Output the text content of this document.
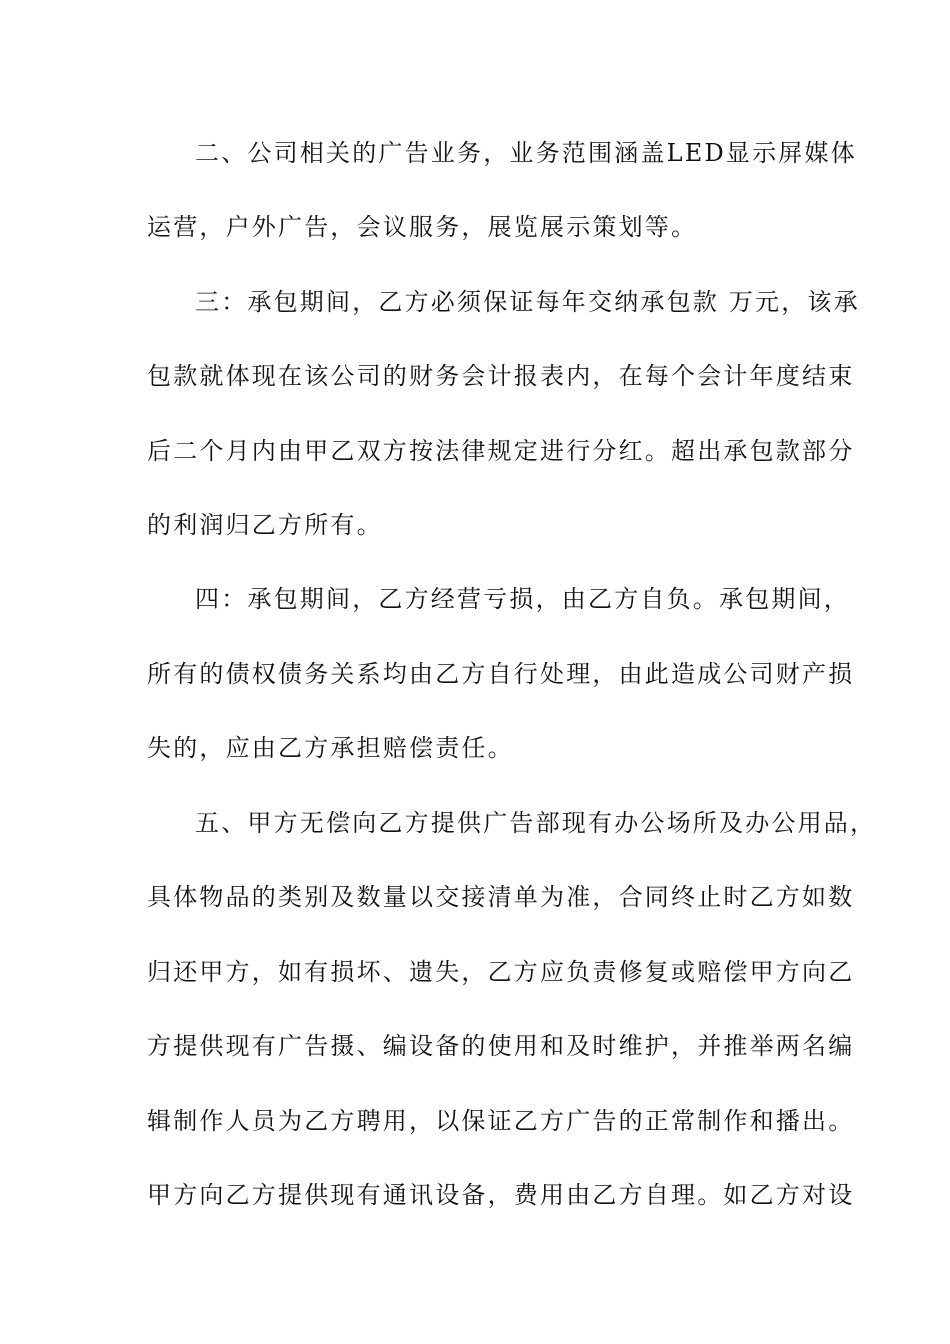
二、公司相关的广告业务，业务范围涵盖LED显示屏媒体
运营，户外广告，会议服务，展览展示策划等。
三：承包期间，乙方必须保证每年交纳承包款 万元，该承
包款就体现在该公司的财务会计报表内，在每个会计年度结束
后二个月内由甲乙双方按法律规定进行分红。超出承包款部分
的利润归乙方所有。
四：承包期间，乙方经营亏损，由乙方自负。承包期间，
所有的债权债务关系均由乙方自行处理，由此造成公司财产损
失的，应由乙方承担赔偿责任。
五、甲方无偿向乙方提供广告部现有办公场所及办公用品，
具体物品的类别及数量以交接清单为准，合同终止时乙方如数
归还甲方，如有损坏、遗失，乙方应负责修复或赔偿甲方向乙
方提供现有广告摄、编设备的使用和及时维护，并推举两名编
辑制作人员为乙方聘用，以保证乙方广告的正常制作和播出。
甲方向乙方提供现有通讯设备，费用由乙方自理。如乙方对设
